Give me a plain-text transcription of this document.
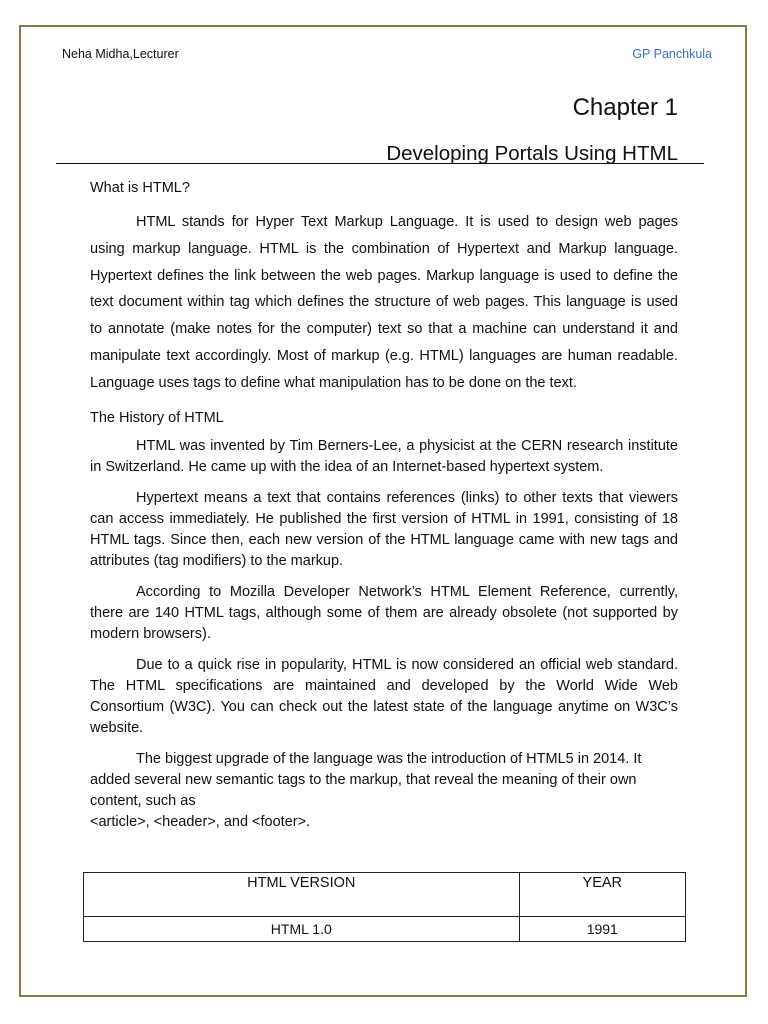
Neha Midha,Lecturer	GP Panchkula
Chapter 1
Developing Portals Using HTML
What is HTML?

HTML stands for Hyper Text Markup Language. It is used to design web pages using markup language. HTML is the combination of Hypertext and Markup language. Hypertext defines the link between the web pages. Markup language is used to define the text document within tag which defines the structure of web pages. This language is used to annotate (make notes for the computer) text so that a machine can understand it and manipulate text accordingly. Most of markup (e.g. HTML) languages are human readable. Language uses tags to define what manipulation has to be done on the text.

The History of HTML

HTML was invented by Tim Berners-Lee, a physicist at the CERN research institute in Switzerland. He came up with the idea of an Internet-based hypertext system.

Hypertext means a text that contains references (links) to other texts that viewers can access immediately. He published the first version of HTML in 1991, consisting of 18 HTML tags. Since then, each new version of the HTML language came with new tags and attributes (tag modifiers) to the markup.

According to Mozilla Developer Network’s HTML Element Reference, currently, there are 140 HTML tags, although some of them are already obsolete (not supported by modern browsers).

Due to a quick rise in popularity, HTML is now considered an official web standard. The HTML specifications are maintained and developed by the World Wide Web Consortium (W3C). You can check out the latest state of the language anytime on W3C’s website.

The biggest upgrade of the language was the introduction of HTML5 in 2014. It added several new semantic tags to the markup, that reveal the meaning of their own content, such as

<article>, <header>, and <footer>.
HTML VERSION	YEAR
HTML 1.0	1991
